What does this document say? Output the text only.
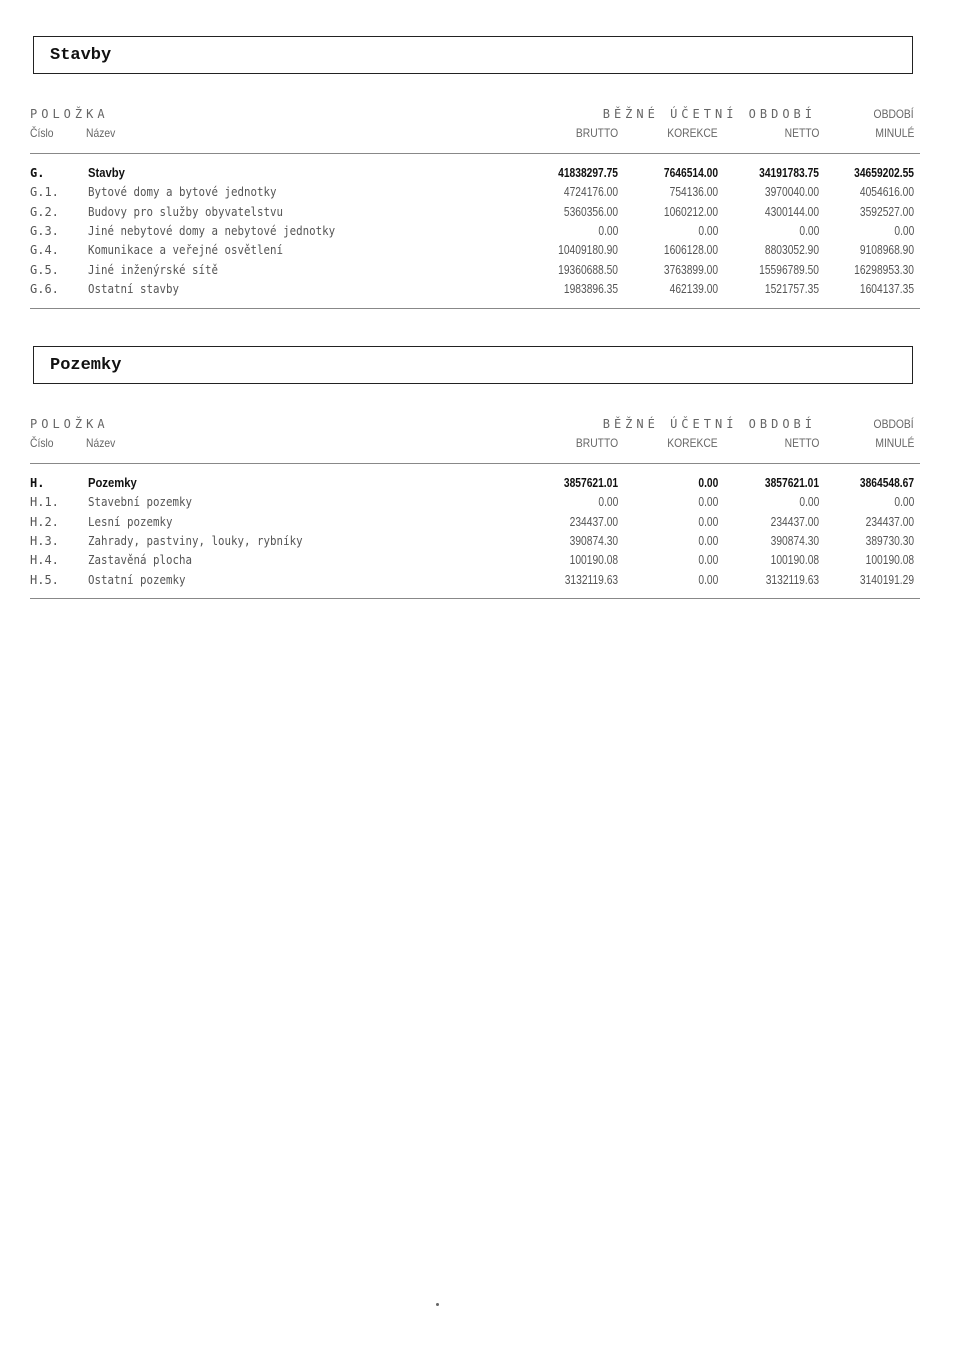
Stavby
POLOŽKA	BĚŽNÉ ÚČETNÍ OBDOBÍ	OBDOBÍ
Číslo	Název	BRUTTO	KOREKCE	NETTO	MINULÉ
G.	Stavby	41838297.75	7646514.00	34191783.75	34659202.55
G.1. Bytové domy a bytové jednotky	4724176.00	754136.00	3970040.00	4054616.00
G.2. Budovy pro služby obyvatelstvu	5360356.00	1060212.00	4300144.00	3592527.00
G.3. Jiné nebytové domy a nebytové jednotky	0.00	0.00	0.00	0.00
G.4. Komunikace a veřejné osvětlení	10409180.90	1606128.00	8803052.90	9108968.90
G.5. Jiné inženýrské sítě	19360688.50	3763899.00	15596789.50	16298953.30
G.6. Ostatní stavby	1983896.35	462139.00	1521757.35	1604137.35
Pozemky
POLOŽKA	BĚŽNÉ ÚČETNÍ OBDOBÍ	OBDOBÍ
Číslo	Název	BRUTTO	KOREKCE	NETTO	MINULÉ
H.	Pozemky	3857621.01	0.00	3857621.01	3864548.67
H.1. Stavební pozemky	0.00	0.00	0.00	0.00
H.2. Lesní pozemky	234437.00	0.00	234437.00	234437.00
H.3. Zahrady, pastviny, louky, rybníky	390874.30	0.00	390874.30	389730.30
H.4. Zastavěná plocha	100190.08	0.00	100190.08	100190.08
H.5. Ostatní pozemky	3132119.63	0.00	3132119.63	3140191.29
